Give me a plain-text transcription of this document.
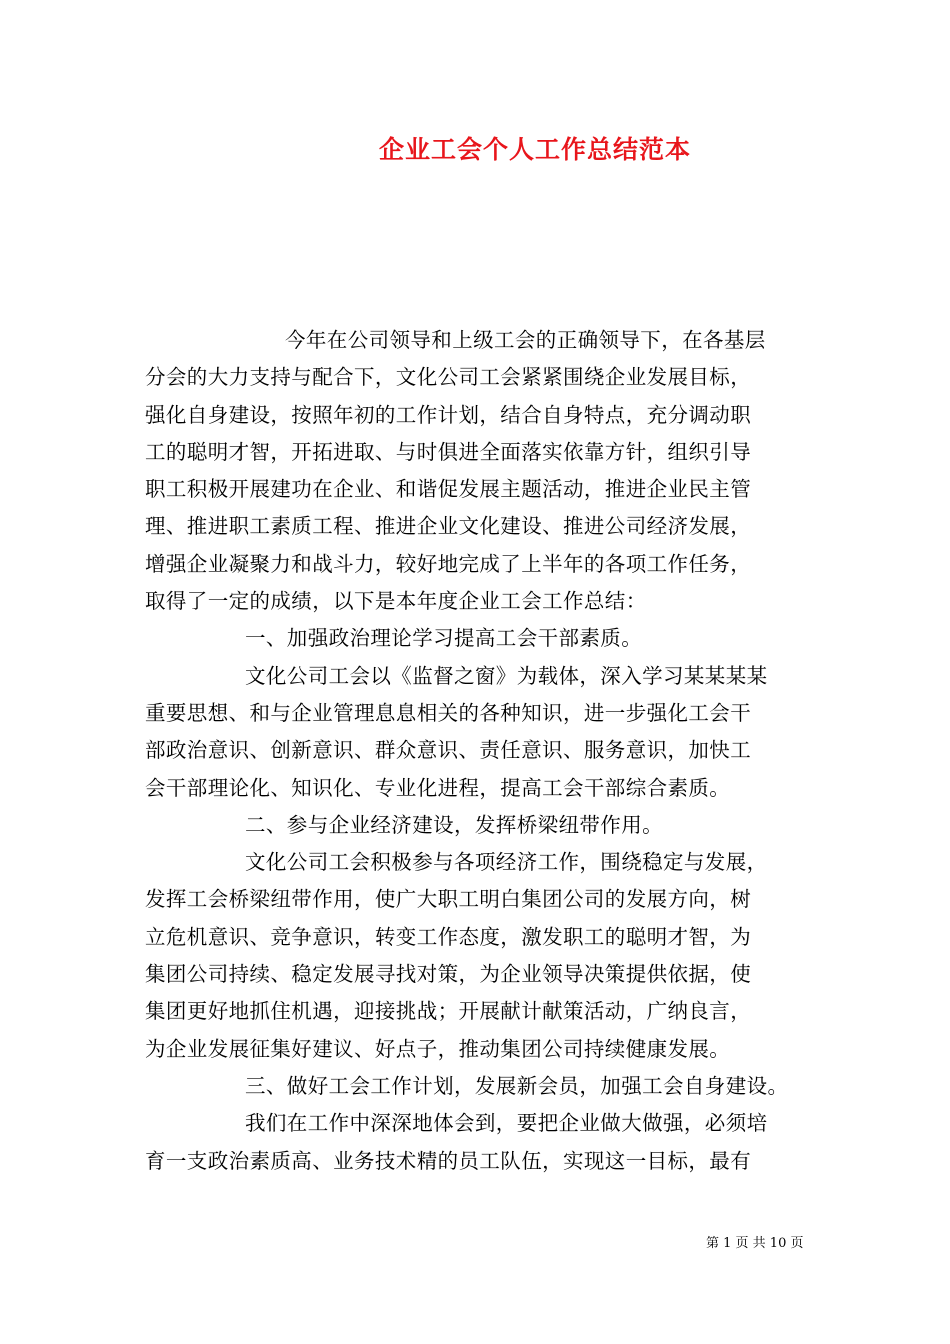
企业工会个人工作总结范本
今年在公司领导和上级工会的正确领导下，在各基层
分会的大力支持与配合下，文化公司工会紧紧围绕企业发展目标，
强化自身建设，按照年初的工作计划，结合自身特点，充分调动职
工的聪明才智，开拓进取、与时俱进全面落实依靠方针，组织引导
职工积极开展建功在企业、和谐促发展主题活动，推进企业民主管
理、推进职工素质工程、推进企业文化建设、推进公司经济发展，
增强企业凝聚力和战斗力，较好地完成了上半年的各项工作任务，
取得了一定的成绩，以下是本年度企业工会工作总结：
一、加强政治理论学习提高工会干部素质。
文化公司工会以《监督之窗》为载体，深入学习某某某某
重要思想、和与企业管理息息相关的各种知识，进一步强化工会干
部政治意识、创新意识、群众意识、责任意识、服务意识，加快工
会干部理论化、知识化、专业化进程，提高工会干部综合素质。
二、参与企业经济建设，发挥桥梁纽带作用。
文化公司工会积极参与各项经济工作，围绕稳定与发展，
发挥工会桥梁纽带作用，使广大职工明白集团公司的发展方向，树
立危机意识、竞争意识，转变工作态度，激发职工的聪明才智，为
集团公司持续、稳定发展寻找对策，为企业领导决策提供依据，使
集团更好地抓住机遇，迎接挑战；开展献计献策活动，广纳良言，
为企业发展征集好建议、好点子，推动集团公司持续健康发展。
三、做好工会工作计划，发展新会员，加强工会自身建设。
我们在工作中深深地体会到，要把企业做大做强，必须培
育一支政治素质高、业务技术精的员工队伍，实现这一目标，最有
第 1 页 共 10 页
